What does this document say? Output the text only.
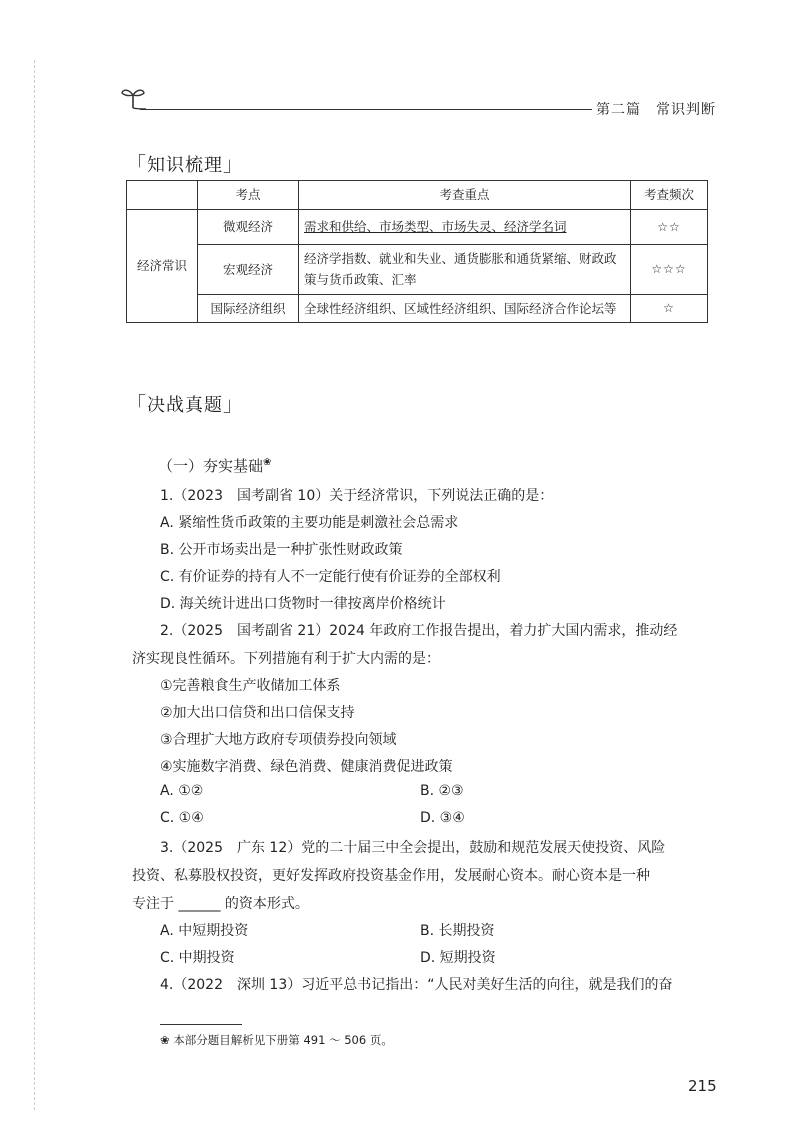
第二篇　常识判断
「知识梳理」
	考点	考查重点	考查频次
经济常识	微观经济	需求和供给、市场类型、市场失灵、经济学名词	☆☆
	宏观经济	经济学指数、就业和失业、通货膨胀和通货紧缩、财政政策与货币政策、汇率	☆☆☆
	国际经济组织	全球性经济组织、区域性经济组织、国际经济合作论坛等	☆
「决战真题」
（一）夯实基础❀
1.（2023　国考副省 10）关于经济常识，下列说法正确的是：
A. 紧缩性货币政策的主要功能是刺激社会总需求
B. 公开市场卖出是一种扩张性财政政策
C. 有价证券的持有人不一定能行使有价证券的全部权利
D. 海关统计进出口货物时一律按离岸价格统计
2.（2025　国考副省 21）2024 年政府工作报告提出，着力扩大国内需求，推动经
济实现良性循环。下列措施有利于扩大内需的是：
①完善粮食生产收储加工体系
②加大出口信贷和出口信保支持
③合理扩大地方政府专项债券投向领域
④实施数字消费、绿色消费、健康消费促进政策
A. ①②	B. ②③
C. ①④	D. ③④
3.（2025　广东 12）党的二十届三中全会提出，鼓励和规范发展天使投资、风险
投资、私募股权投资，更好发挥政府投资基金作用，发展耐心资本。耐心资本是一种
专注于 ______ 的资本形式。
A. 中短期投资	B. 长期投资
C. 中期投资	D. 短期投资
4.（2022　深圳 13）习近平总书记指出：“人民对美好生活的向往，就是我们的奋
❀ 本部分题目解析见下册第 491 ～ 506 页。
215
